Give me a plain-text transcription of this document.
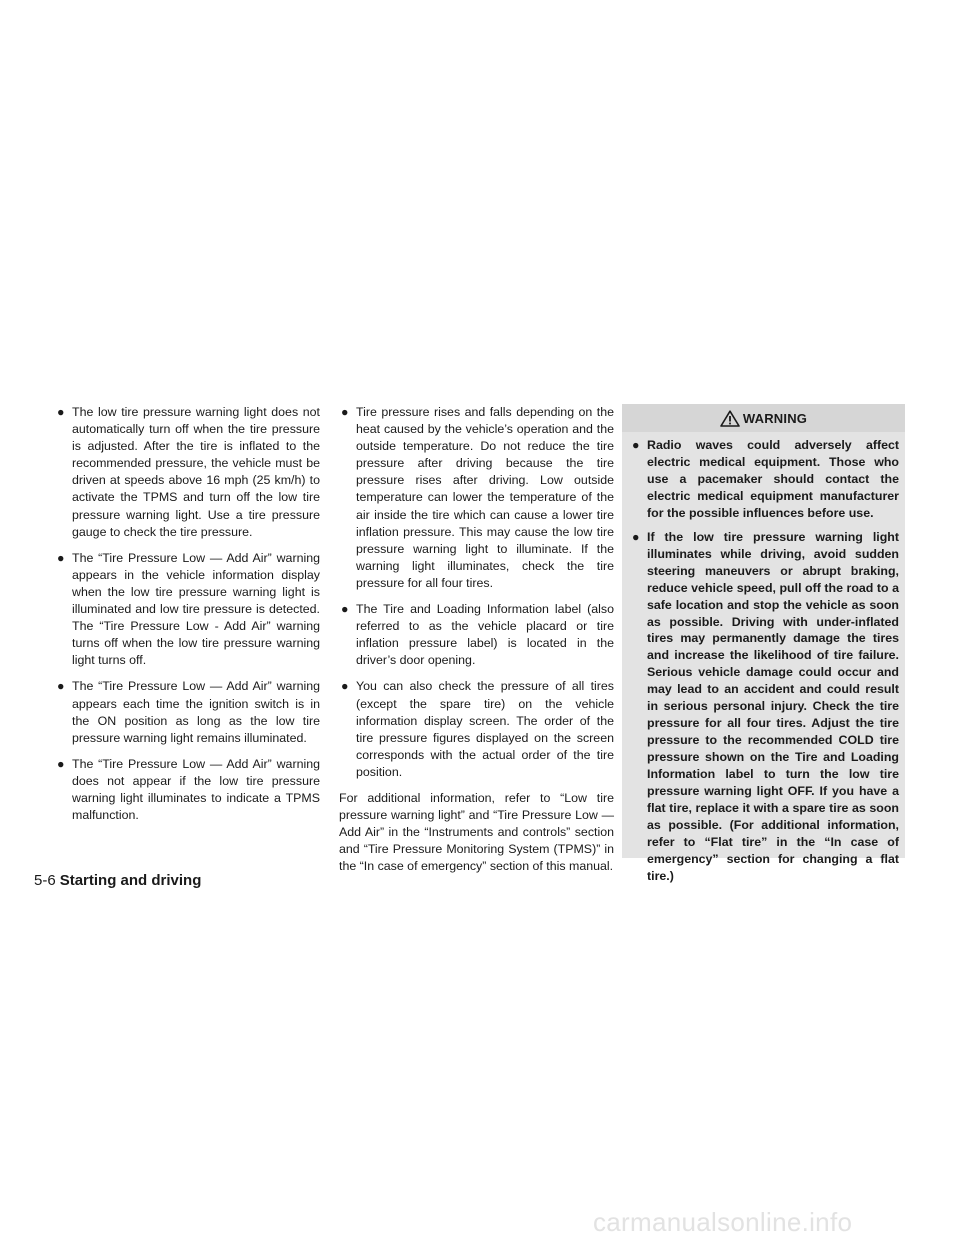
● The low tire pressure warning light does not automatically turn off when the tire pressure is adjusted. After the tire is inflated to the recommended pressure, the vehicle must be driven at speeds above 16 mph (25 km/h) to activate the TPMS and turn off the low tire pressure warning light. Use a tire pressure gauge to check the tire pressure.
● The “Tire Pressure Low — Add Air” warning appears in the vehicle information display when the low tire pressure warning light is illuminated and low tire pressure is detected. The “Tire Pressure Low - Add Air” warning turns off when the low tire pressure warning light turns off.
● The “Tire Pressure Low — Add Air” warning appears each time the ignition switch is in the ON position as long as the low tire pressure warning light remains illuminated.
● The “Tire Pressure Low — Add Air” warning does not appear if the low tire pressure warning light illuminates to indicate a TPMS malfunction.
● Tire pressure rises and falls depending on the heat caused by the vehicle’s operation and the outside temperature. Do not reduce the tire pressure after driving because the tire pressure rises after driving. Low outside temperature can lower the temperature of the air inside the tire which can cause a lower tire inflation pressure. This may cause the low tire pressure warning light to illuminate. If the warning light illuminates, check the tire pressure for all four tires.
● The Tire and Loading Information label (also referred to as the vehicle placard or tire inflation pressure label) is located in the driver’s door opening.
● You can also check the pressure of all tires (except the spare tire) on the vehicle information display screen. The order of the tire pressure figures displayed on the screen corresponds with the actual order of the tire position.

For additional information, refer to “Low tire pressure warning light” and “Tire Pressure Low — Add Air” in the “Instruments and controls” section and “Tire Pressure Monitoring System (TPMS)” in the “In case of emergency” section of this manual.

WARNING
● Radio waves could adversely affect electric medical equipment. Those who use a pacemaker should contact the electric medical equipment manufacturer for the possible influences before use.
● If the low tire pressure warning light illuminates while driving, avoid sudden steering maneuvers or abrupt braking, reduce vehicle speed, pull off the road to a safe location and stop the vehicle as soon as possible. Driving with under-inflated tires may permanently damage the tires and increase the likelihood of tire failure. Serious vehicle damage could occur and may lead to an accident and could result in serious personal injury. Check the tire pressure for all four tires. Adjust the tire pressure to the recommended COLD tire pressure shown on the Tire and Loading Information label to turn the low tire pressure warning light OFF. If you have a flat tire, replace it with a spare tire as soon as possible. (For additional information, refer to “Flat tire” in the “In case of emergency” section for changing a flat tire.)
5-6 Starting and driving
carmanualsonline.info
